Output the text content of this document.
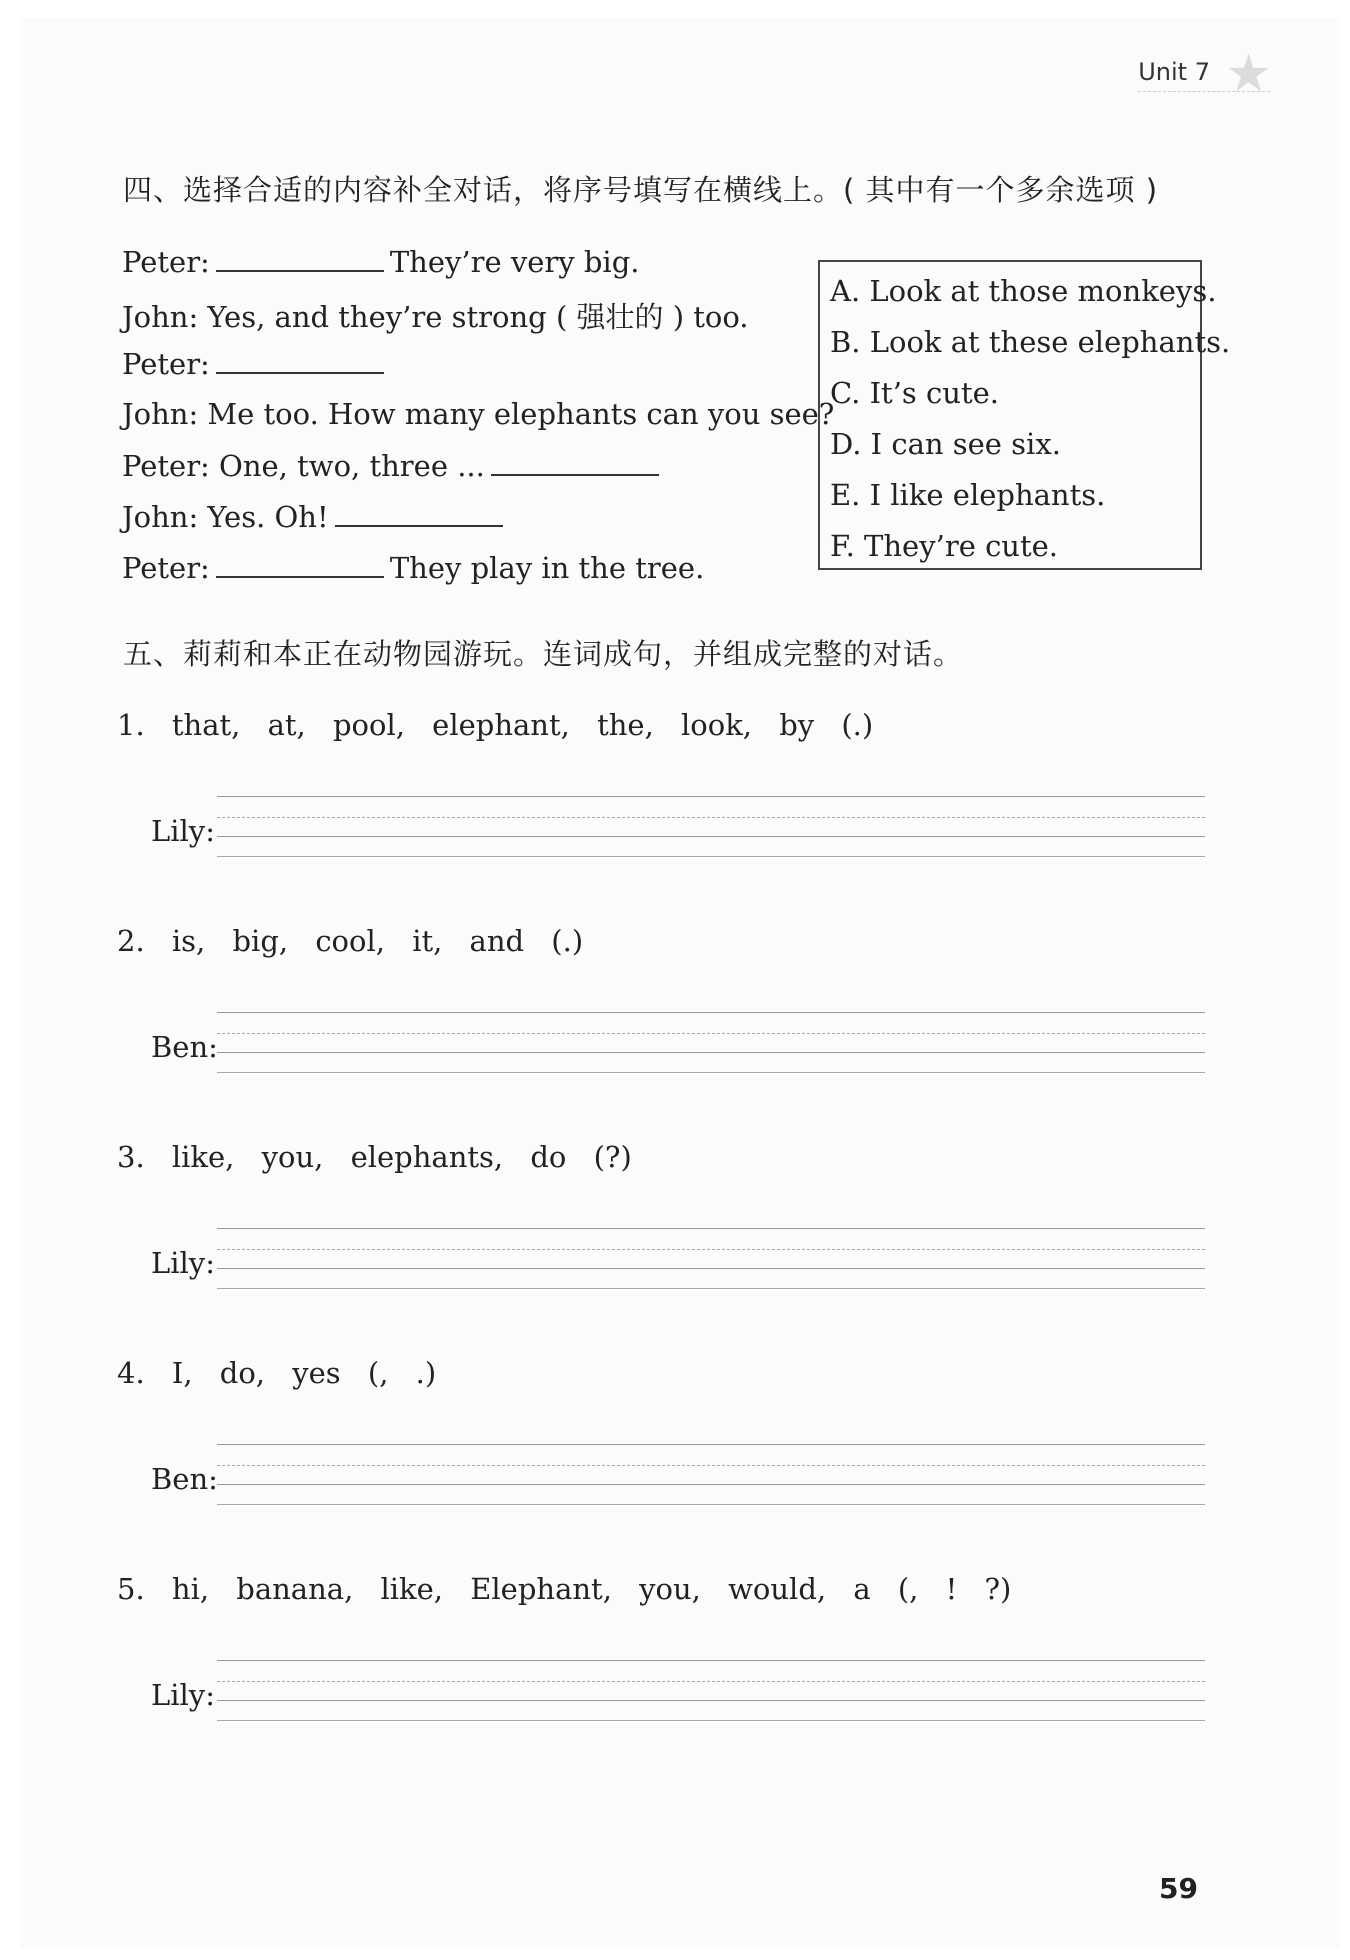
Unit 7 ★
四、选择合适的内容补全对话，将序号填写在横线上。( 其中有一个多余选项 )
Peter:	They’re very big.
John: Yes, and they’re strong ( 强壮的 ) too.
Peter:
John: Me too. How many elephants can you see?
Peter: One, two, three ...
John: Yes. Oh!
Peter:	They play in the tree.
A. Look at those monkeys.
B. Look at these elephants.
C. It’s cute.
D. I can see six.
E. I like elephants.
F. They’re cute.
五、莉莉和本正在动物园游玩。连词成句，并组成完整的对话。
1. that, at, pool, elephant, the, look, by (.)
Lily:
2. is, big, cool, it, and (.)
Ben:
3. like, you, elephants, do (?)
Lily:
4. I, do, yes (, .)
Ben:
5. hi, banana, like, Elephant, you, would, a (, ! ?)
Lily:
59
